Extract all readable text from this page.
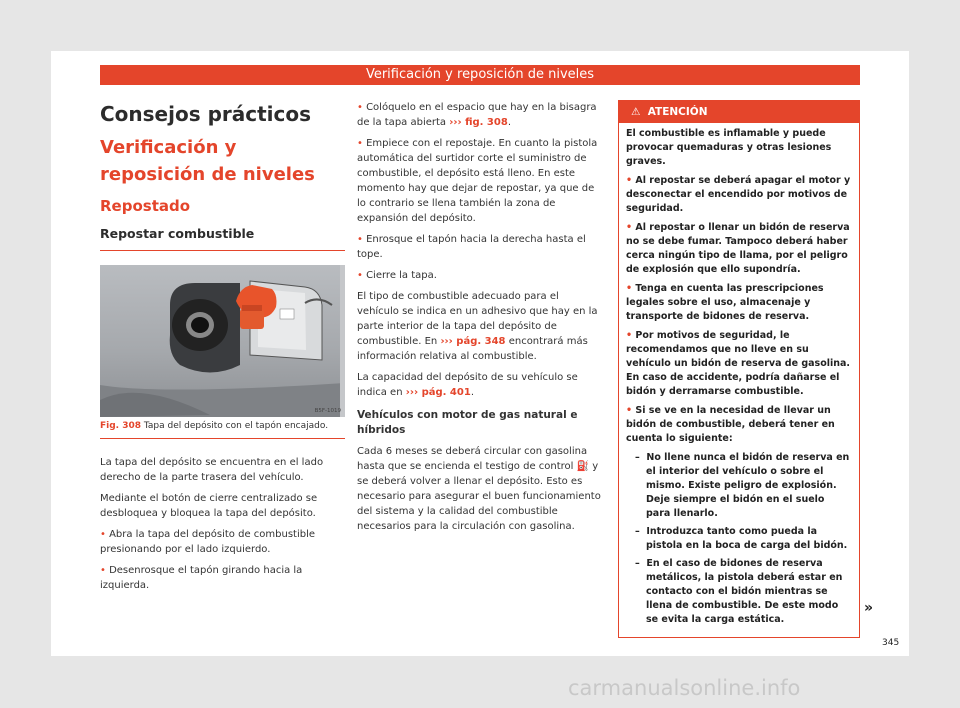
Verificación y reposición de niveles
Consejos prácticos
Verificación y reposición de niveles
Repostado
Repostar combustible
B5F-1019
Fig. 308 Tapa del depósito con el tapón encajado.

La tapa del depósito se encuentra en el lado derecho de la parte trasera del vehículo.

Mediante el botón de cierre centralizado se desbloquea y bloquea la tapa del depósito.

• Abra la tapa del depósito de combustible presionando por el lado izquierdo.

• Desenrosque el tapón girando hacia la izquierda.

• Colóquelo en el espacio que hay en la bisagra de la tapa abierta ››› fig. 308.

• Empiece con el repostaje. En cuanto la pistola automática del surtidor corte el suministro de combustible, el depósito está lleno. En este momento hay que dejar de repostar, ya que de lo contrario se llena también la zona de expansión del depósito.

• Enrosque el tapón hacia la derecha hasta el tope.

• Cierre la tapa.

El tipo de combustible adecuado para el vehículo se indica en un adhesivo que hay en la parte interior de la tapa del depósito de combustible. En ››› pág. 348 encontrará más información relativa al combustible.

La capacidad del depósito de su vehículo se indica en ››› pág. 401.

Vehículos con motor de gas natural e híbridos

Cada 6 meses se deberá circular con gasolina hasta que se encienda el testigo de control ⛽ y se deberá volver a llenar el depósito. Esto es necesario para asegurar el buen funcionamiento del sistema y la calidad del combustible necesarios para la circulación con gasolina.

⚠ ATENCIÓN

El combustible es inflamable y puede provocar quemaduras y otras lesiones graves.

• Al repostar se deberá apagar el motor y desconectar el encendido por motivos de seguridad.

• Al repostar o llenar un bidón de reserva no se debe fumar. Tampoco deberá haber cerca ningún tipo de llama, por el peligro de explosión que ello supondría.

• Tenga en cuenta las prescripciones legales sobre el uso, almacenaje y transporte de bidones de reserva.

• Por motivos de seguridad, le recomendamos que no lleve en su vehículo un bidón de reserva de gasolina. En caso de accidente, podría dañarse el bidón y derramarse combustible.

• Si se ve en la necesidad de llevar un bidón de combustible, deberá tener en cuenta lo siguiente:

–  No llene nunca el bidón de reserva en el interior del vehículo o sobre el mismo. Existe peligro de explosión. Deje siempre el bidón en el suelo para llenarlo.

–  Introduzca tanto como pueda la pistola en la boca de carga del bidón.

–  En el caso de bidones de reserva metálicos, la pistola deberá estar en contacto con el bidón mientras se llena de combustible. De este modo se evita la carga estática.

»
345
carmanualsonline.info
